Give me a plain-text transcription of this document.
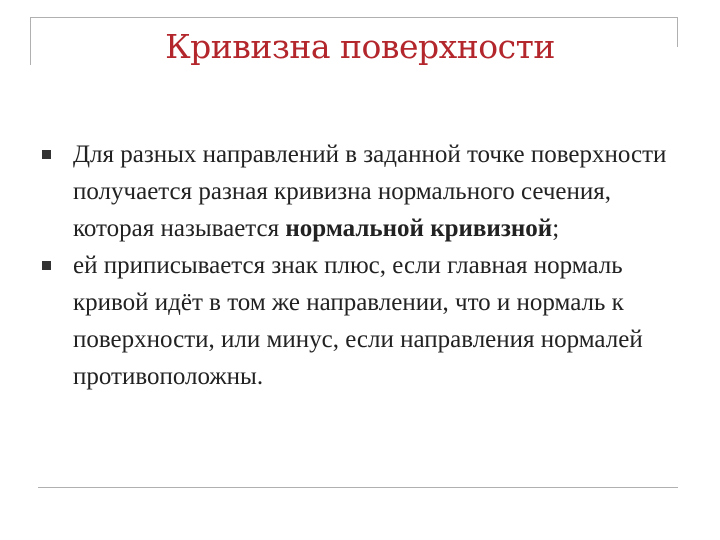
Кривизна поверхности
Для разных направлений в заданной точке поверхности получается разная кривизна нормального сечения, которая называется нормальной кривизной;
ей приписывается знак плюс, если главная нормаль кривой идёт в том же направлении, что и нормаль к поверхности, или минус, если направления нормалей противоположны.
